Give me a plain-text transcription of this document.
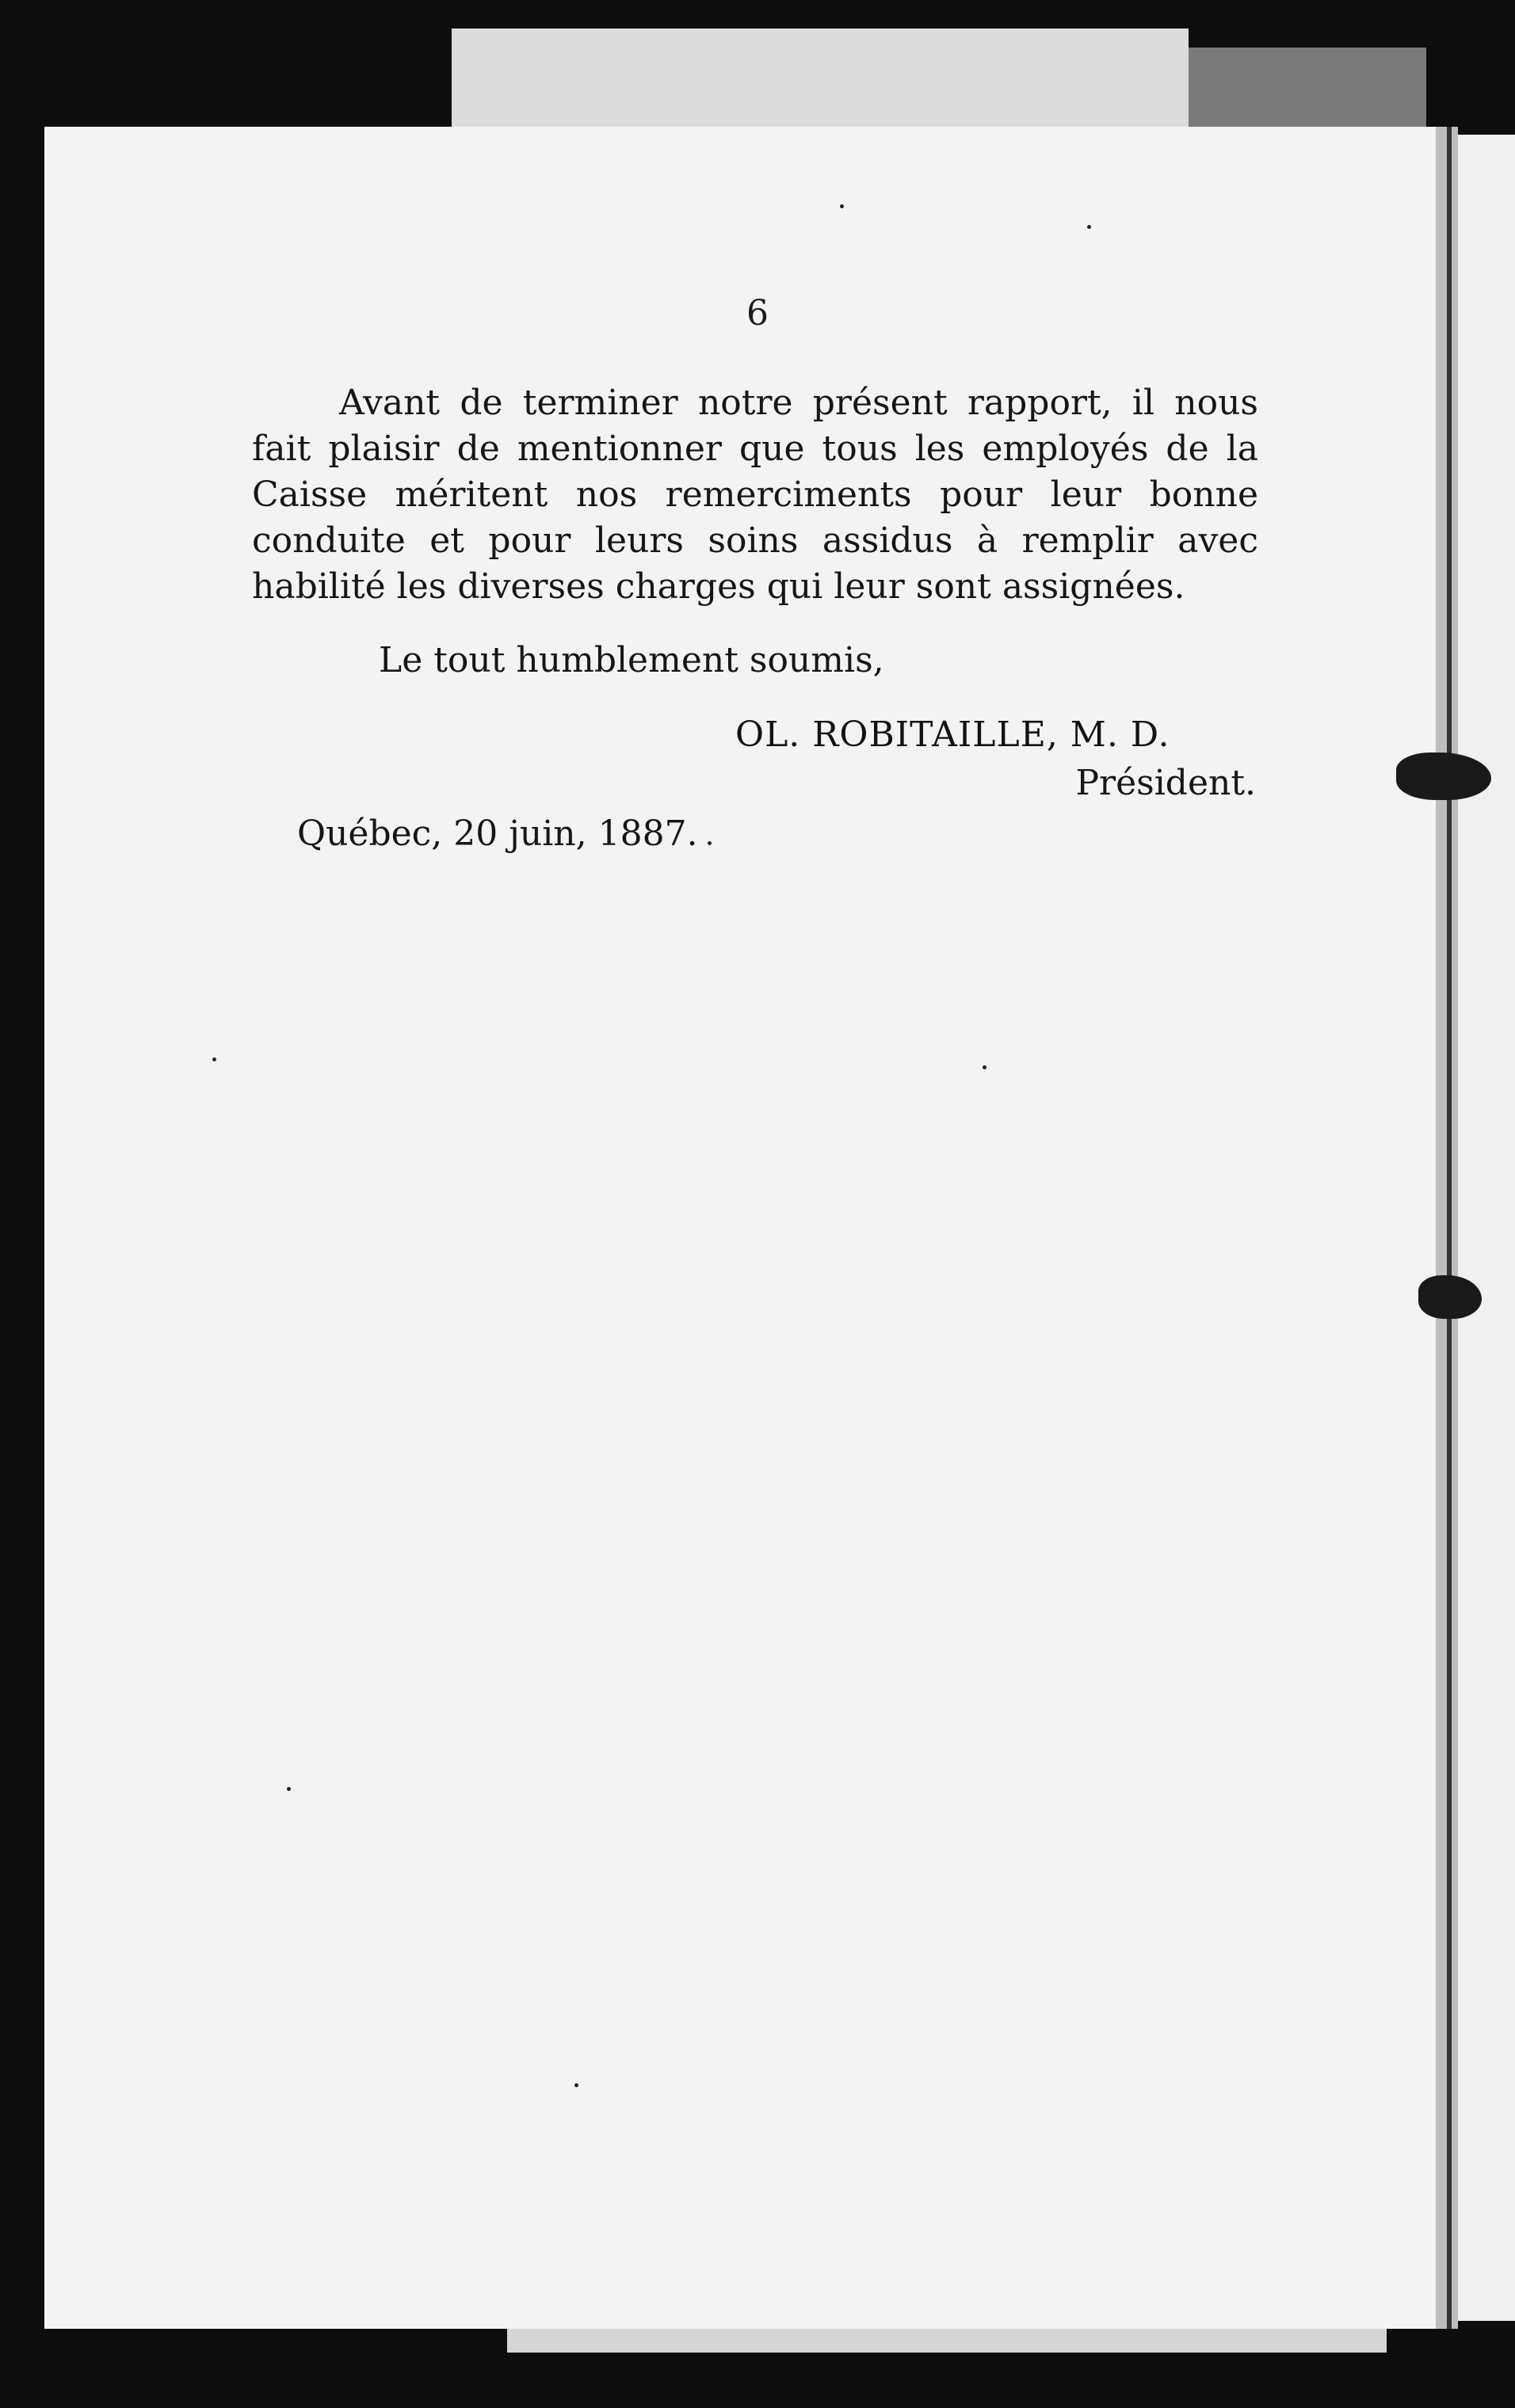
6

Avant de terminer notre présent rapport, il nous fait plaisir de mentionner que tous les employés de la Caisse méritent nos remerciments pour leur bonne conduite et pour leurs soins assidus à remplir avec habilité les diverses charges qui leur sont assignées.

Le tout humblement soumis,
OL. ROBITAILLE, M. D.
Président.
Québec, 20 juin, 1887.
